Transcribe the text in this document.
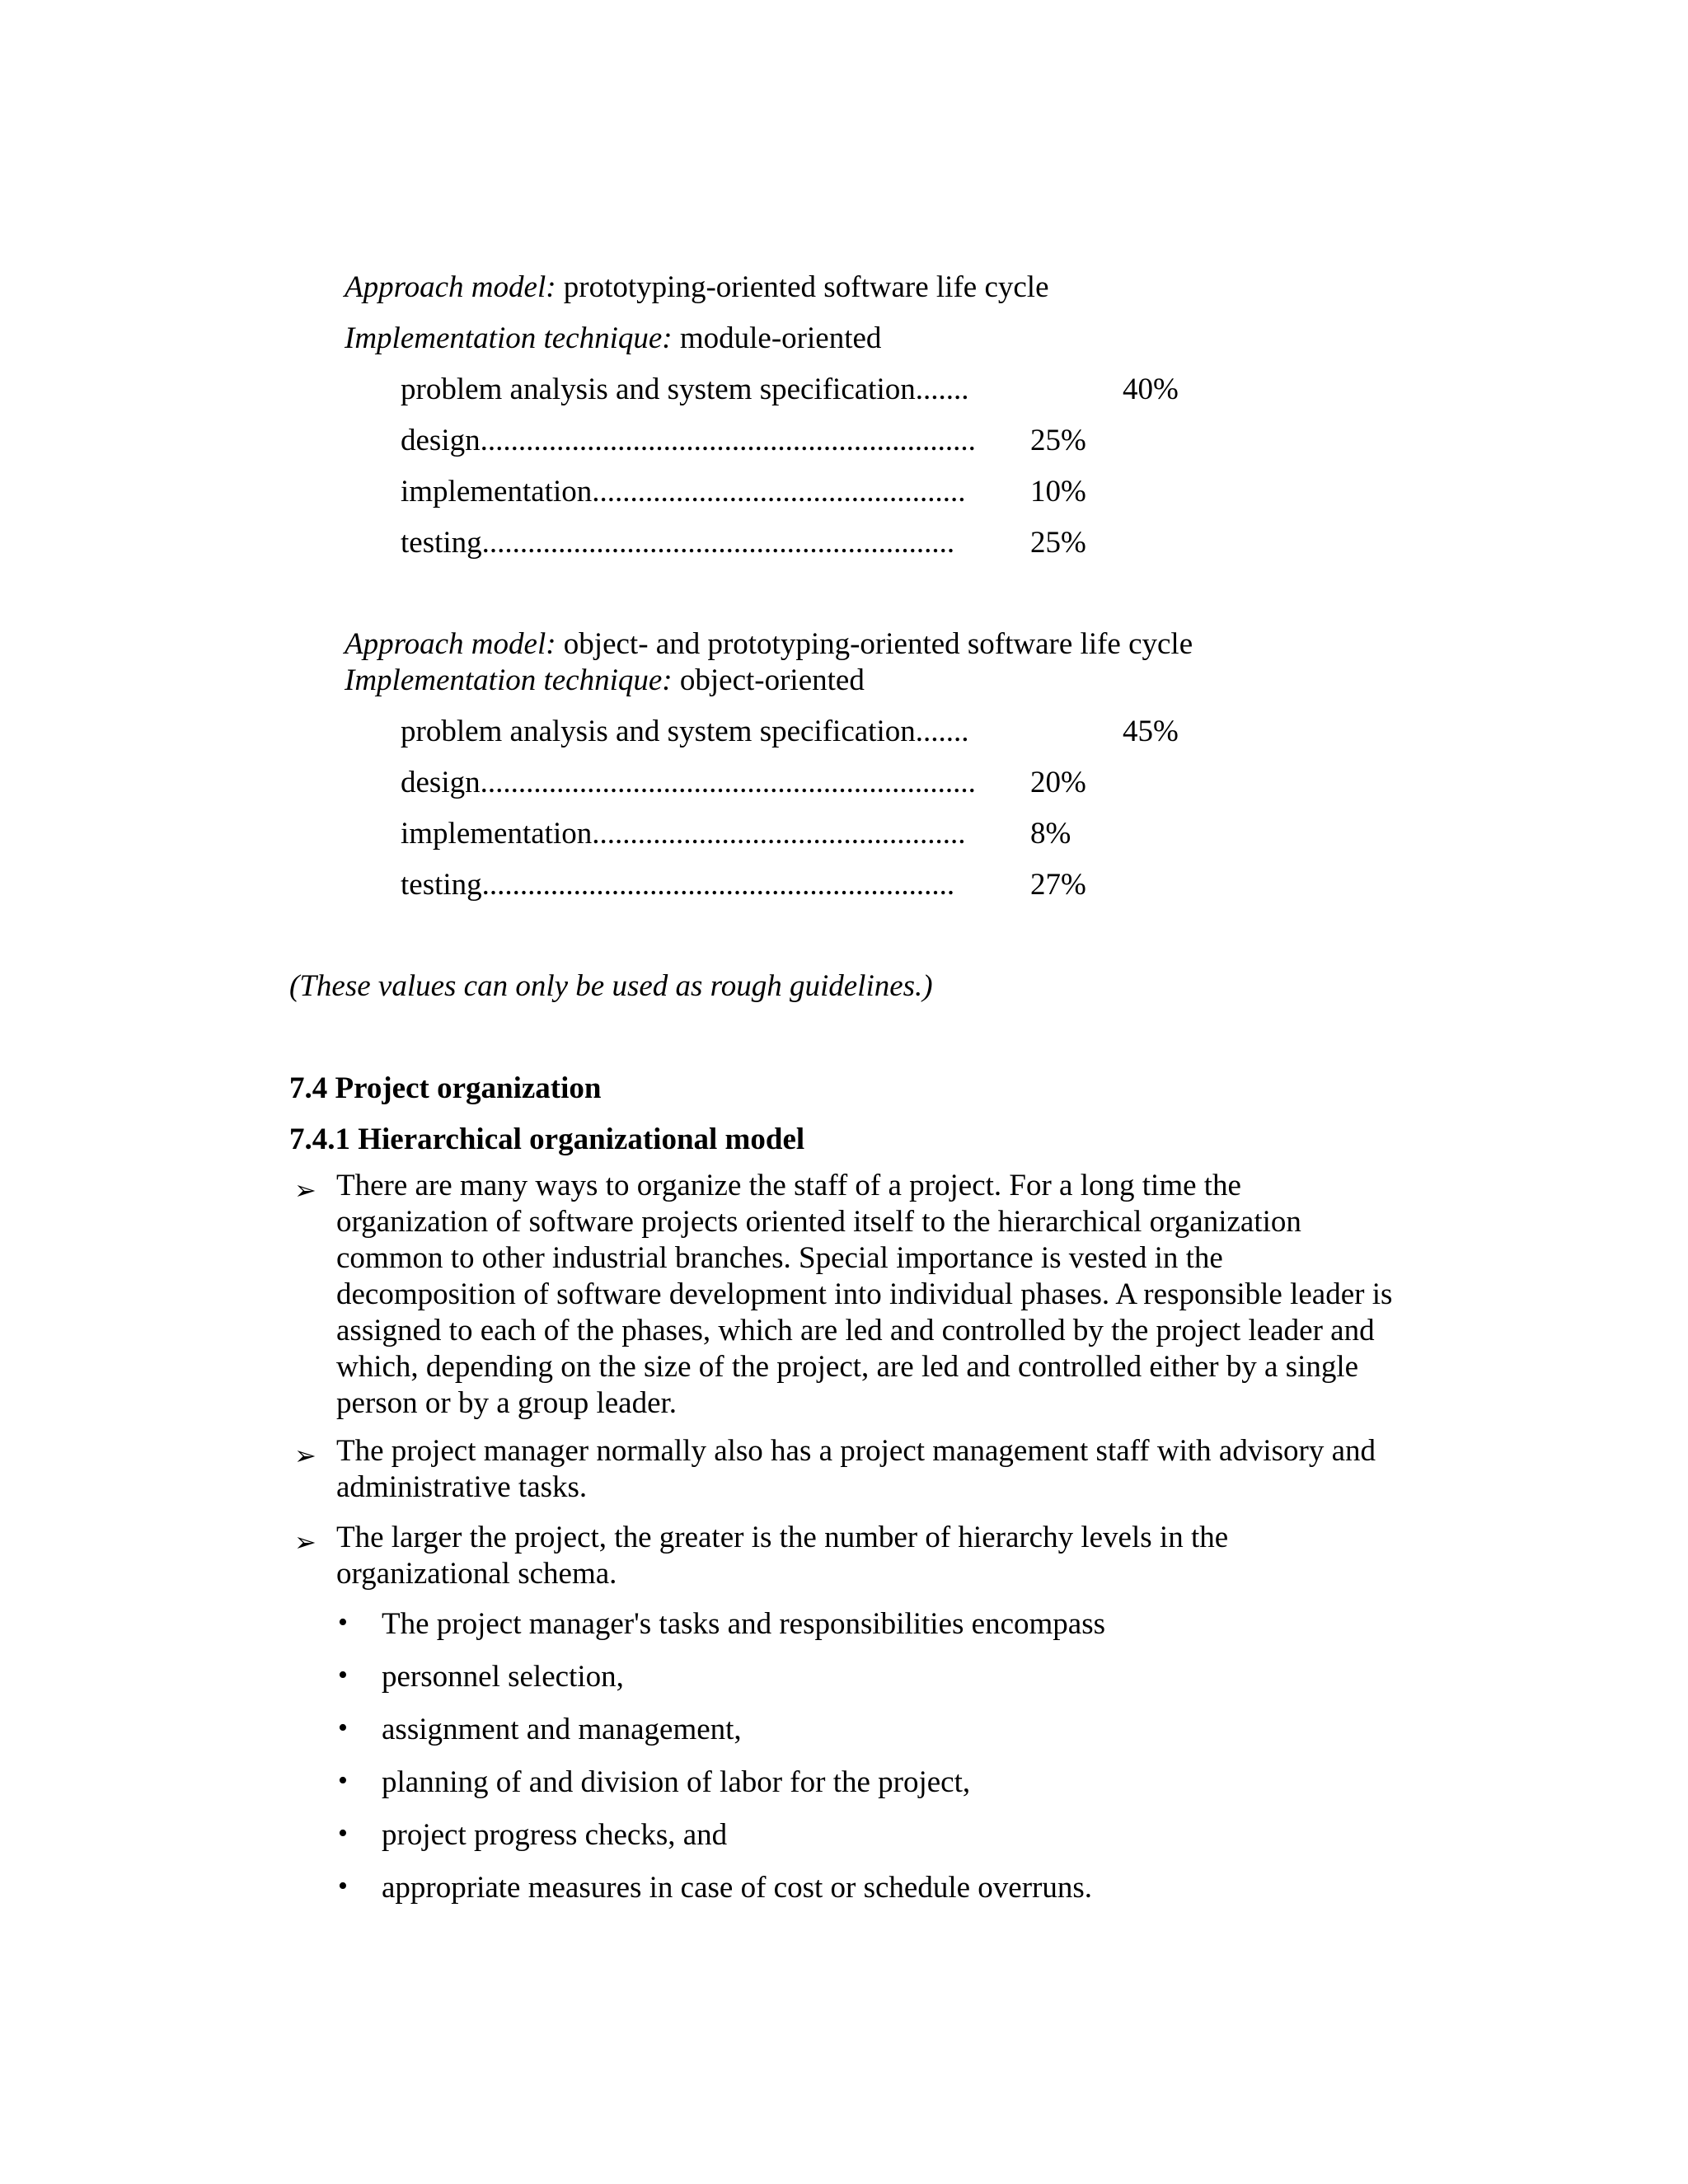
Approach model: prototyping-oriented software life cycle
Implementation technique: module-oriented
problem analysis and system specification.......	40%
design................................................................. 25%
implementation................................................. 10%
testing.............................................................. 25%
Approach model: object- and prototyping-oriented software life cycle
Implementation technique: object-oriented
problem analysis and system specification.......	45%
design................................................................. 20%
implementation................................................. 8%
testing.............................................................. 27%
(These values can only be used as rough guidelines.)
7.4 Project organization
7.4.1 Hierarchical organizational model
➢ There are many ways to organize the staff of a project. For a long time the organization of software projects oriented itself to the hierarchical organization common to other industrial branches. Special importance is vested in the decomposition of software development into individual phases. A responsible leader is assigned to each of the phases, which are led and controlled by the project leader and which, depending on the size of the project, are led and controlled either by a single person or by a group leader.
➢ The project manager normally also has a project management staff with advisory and administrative tasks.
➢ The larger the project, the greater is the number of hierarchy levels in the organizational schema.
• The project manager's tasks and responsibilities encompass
• personnel selection,
• assignment and management,
• planning of and division of labor for the project,
• project progress checks, and
• appropriate measures in case of cost or schedule overruns.
